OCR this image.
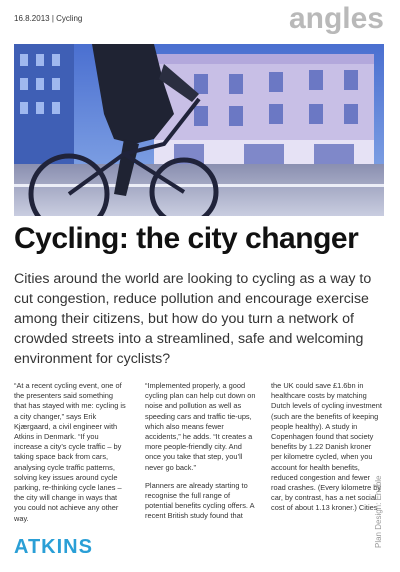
16.8.2013 | Cycling	angles
Cycling: the city changer
Cities around the world are looking to cycling as a way to cut congestion, reduce pollution and encourage exercise among their citizens, but how do you turn a network of crowded streets into a streamlined, safe and welcoming environment for cyclists?

“At a recent cycling event, one of the presenters said something that has stayed with me: cycling is a city changer,” says Erik Kjærgaard, a civil engineer with Atkins in Denmark. “If you increase a city’s cycle traffic – by taking space back from cars, analysing cycle traffic patterns, solving key issues around cycle parking, re-thinking cycle lanes – the city will change in ways that you could not achieve any other way.

“Implemented properly, a good cycling plan can help cut down on noise and pollution as well as speeding cars and traffic tie-ups, which also means fewer accidents,” he adds. “It creates a more people-friendly city. And once you take that step, you’ll never go back.”

Planners are already starting to recognise the full range of potential benefits cycling offers. A recent British study found that

the UK could save £1.6bn in healthcare costs by matching Dutch levels of cycling investment (such are the benefits of keeping people healthy). A study in Copenhagen found that society benefits by 1.22 Danish kroner per kilometre cycled, when you account for health benefits, reduced congestion and fewer road crashes. (Every kilometre by car, by contrast, has a net social cost of about 1.13 kroner.) Cities

ATKINS	Plan Design: Enable
